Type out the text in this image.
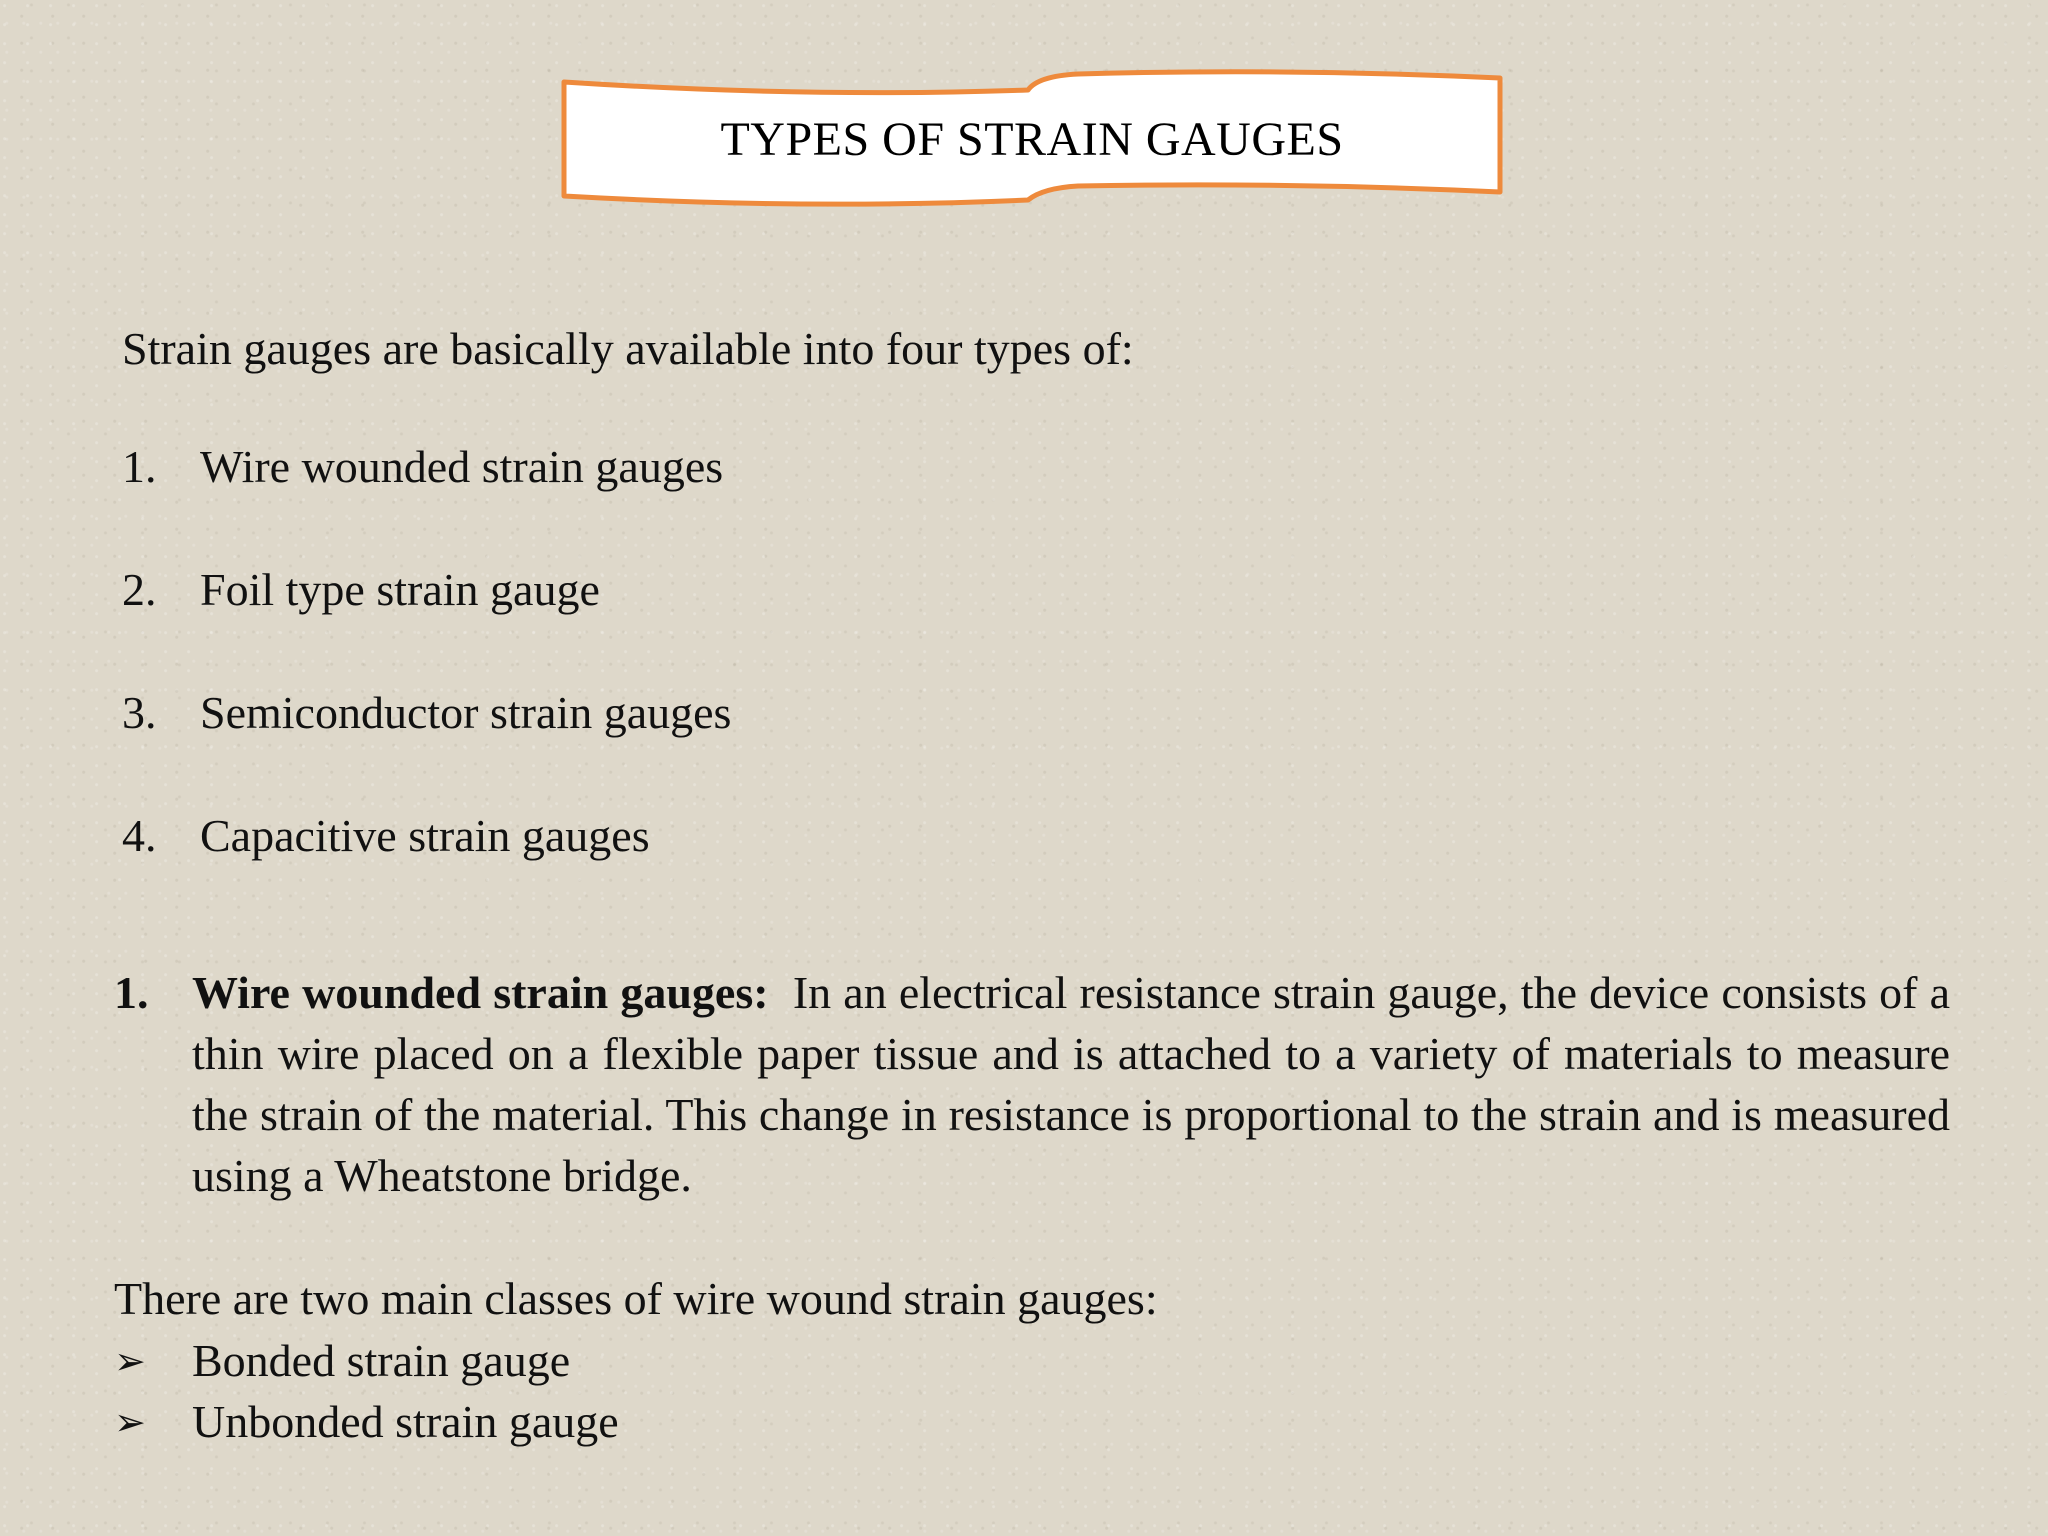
TYPES OF STRAIN GAUGES

Strain gauges are basically available into four types of:

1. Wire wounded strain gauges
2. Foil type strain gauge
3. Semiconductor strain gauges
4. Capacitive strain gauges
1. Wire wounded strain gauges: In an electrical resistance strain gauge, the device consists of a thin wire placed on a flexible paper tissue and is attached to a variety of materials to measure the strain of the material. This change in resistance is proportional to the strain and is measured using a Wheatstone bridge.

There are two main classes of wire wound strain gauges:

➢	Bonded strain gauge
➢	Unbonded strain gauge
